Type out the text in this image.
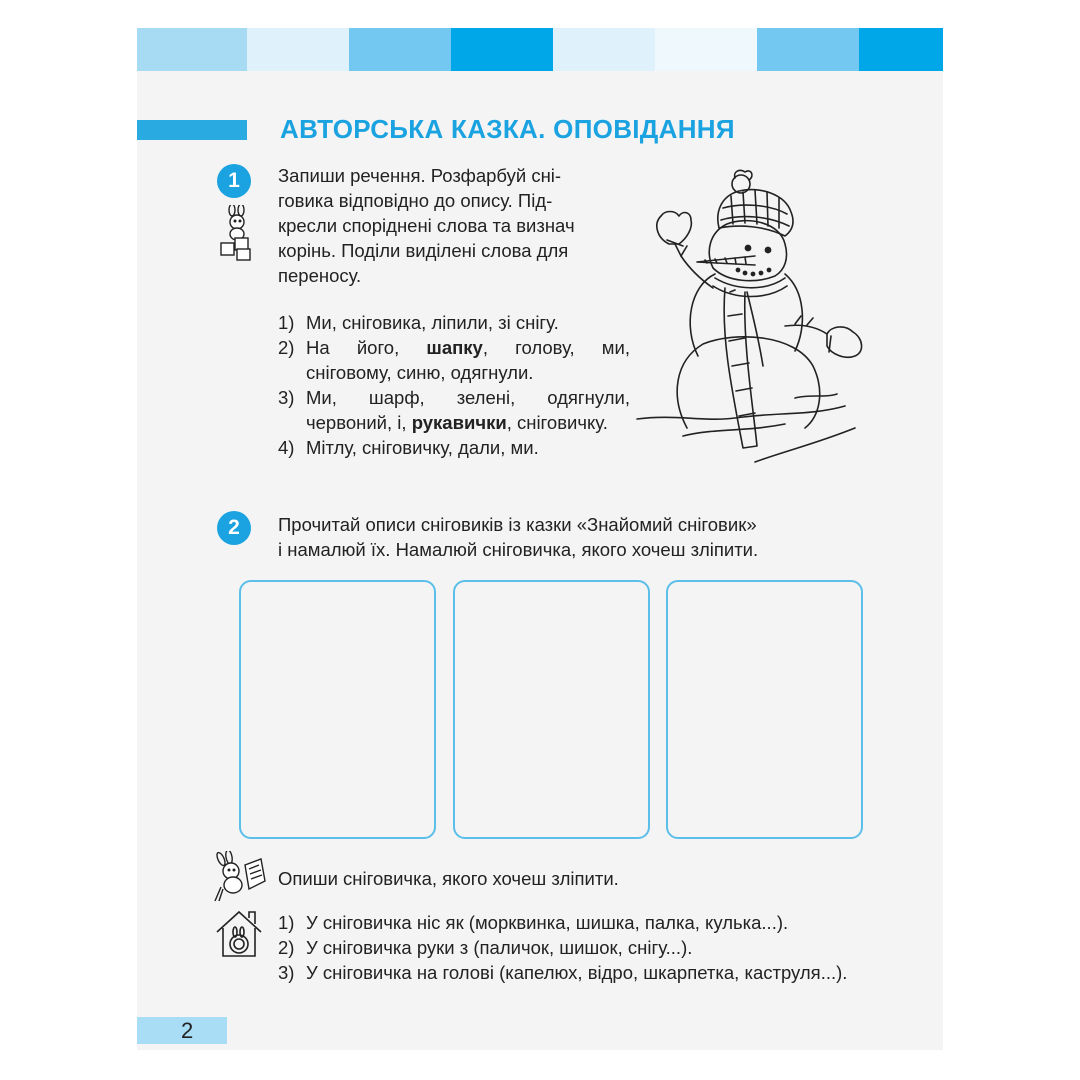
АВТОРСЬКА КАЗКА. ОПОВІДАННЯ
1	Запиши речення. Розфарбуй сні-
говика відповідно до опису. Під-
кресли споріднені слова та визнач
корінь. Поділи виділені слова для
переносу.
1) Ми, сніговика, ліпили, зі снігу.
2) На його, шапку, голову, ми, сніговому, синю, одягнули.
3) Ми, шарф, зелені, одягнули, червоний, і, рукавички, сніговичку.
4) Мітлу, сніговичку, дали, ми.
2	Прочитай описи сніговиків із казки «Знайомий сніговик»
і намалюй їх. Намалюй сніговичка, якого хочеш зліпити.
Опиши сніговичка, якого хочеш зліпити.
1) У сніговичка ніс як (морквинка, шишка, палка, кулька...).
2) У сніговичка руки з (паличок, шишок, снігу...).
3) У сніговичка на голові (капелюх, відро, шкарпетка, каструля...).
2
